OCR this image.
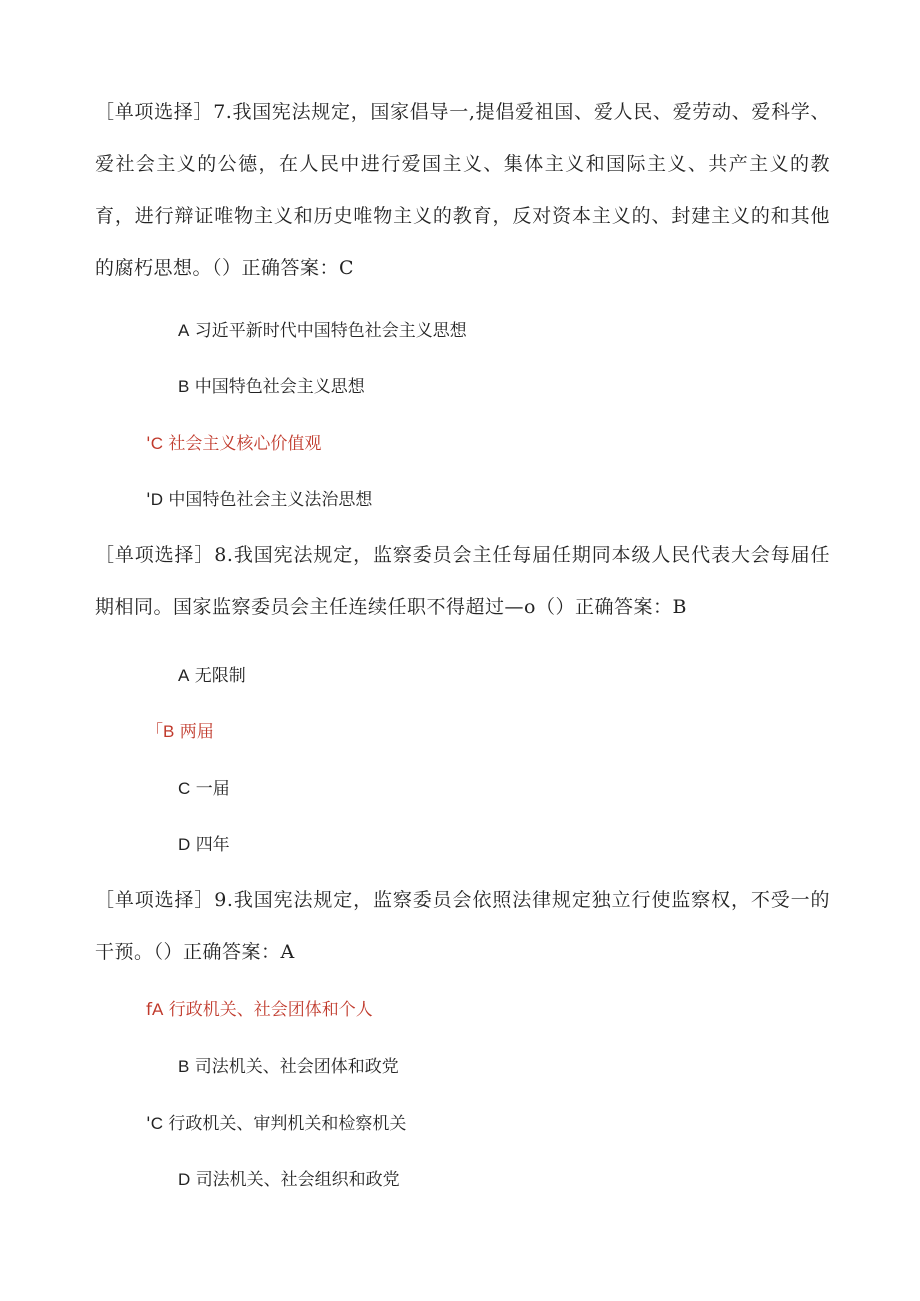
［单项选择］7.我国宪法规定，国家倡导一,提倡爱祖国、爱人民、爱劳动、爱科学、爱社会主义的公德，在人民中进行爱国主义、集体主义和国际主义、共产主义的教育，进行辩证唯物主义和历史唯物主义的教育，反对资本主义的、封建主义的和其他的腐朽思想。（）正确答案：C
A 习近平新时代中国特色社会主义思想
B 中国特色社会主义思想
'C 社会主义核心价值观
'D 中国特色社会主义法治思想
［单项选择］8.我国宪法规定，监察委员会主任每届任期同本级人民代表大会每届任期相同。国家监察委员会主任连续任职不得超过—o（）正确答案：B
A 无限制
「B 两届
C 一届
D 四年
［单项选择］9.我国宪法规定，监察委员会依照法律规定独立行使监察权，不受一的干预。（）正确答案：A
fA 行政机关、社会团体和个人
B 司法机关、社会团体和政党
'C 行政机关、审判机关和检察机关
D 司法机关、社会组织和政党
